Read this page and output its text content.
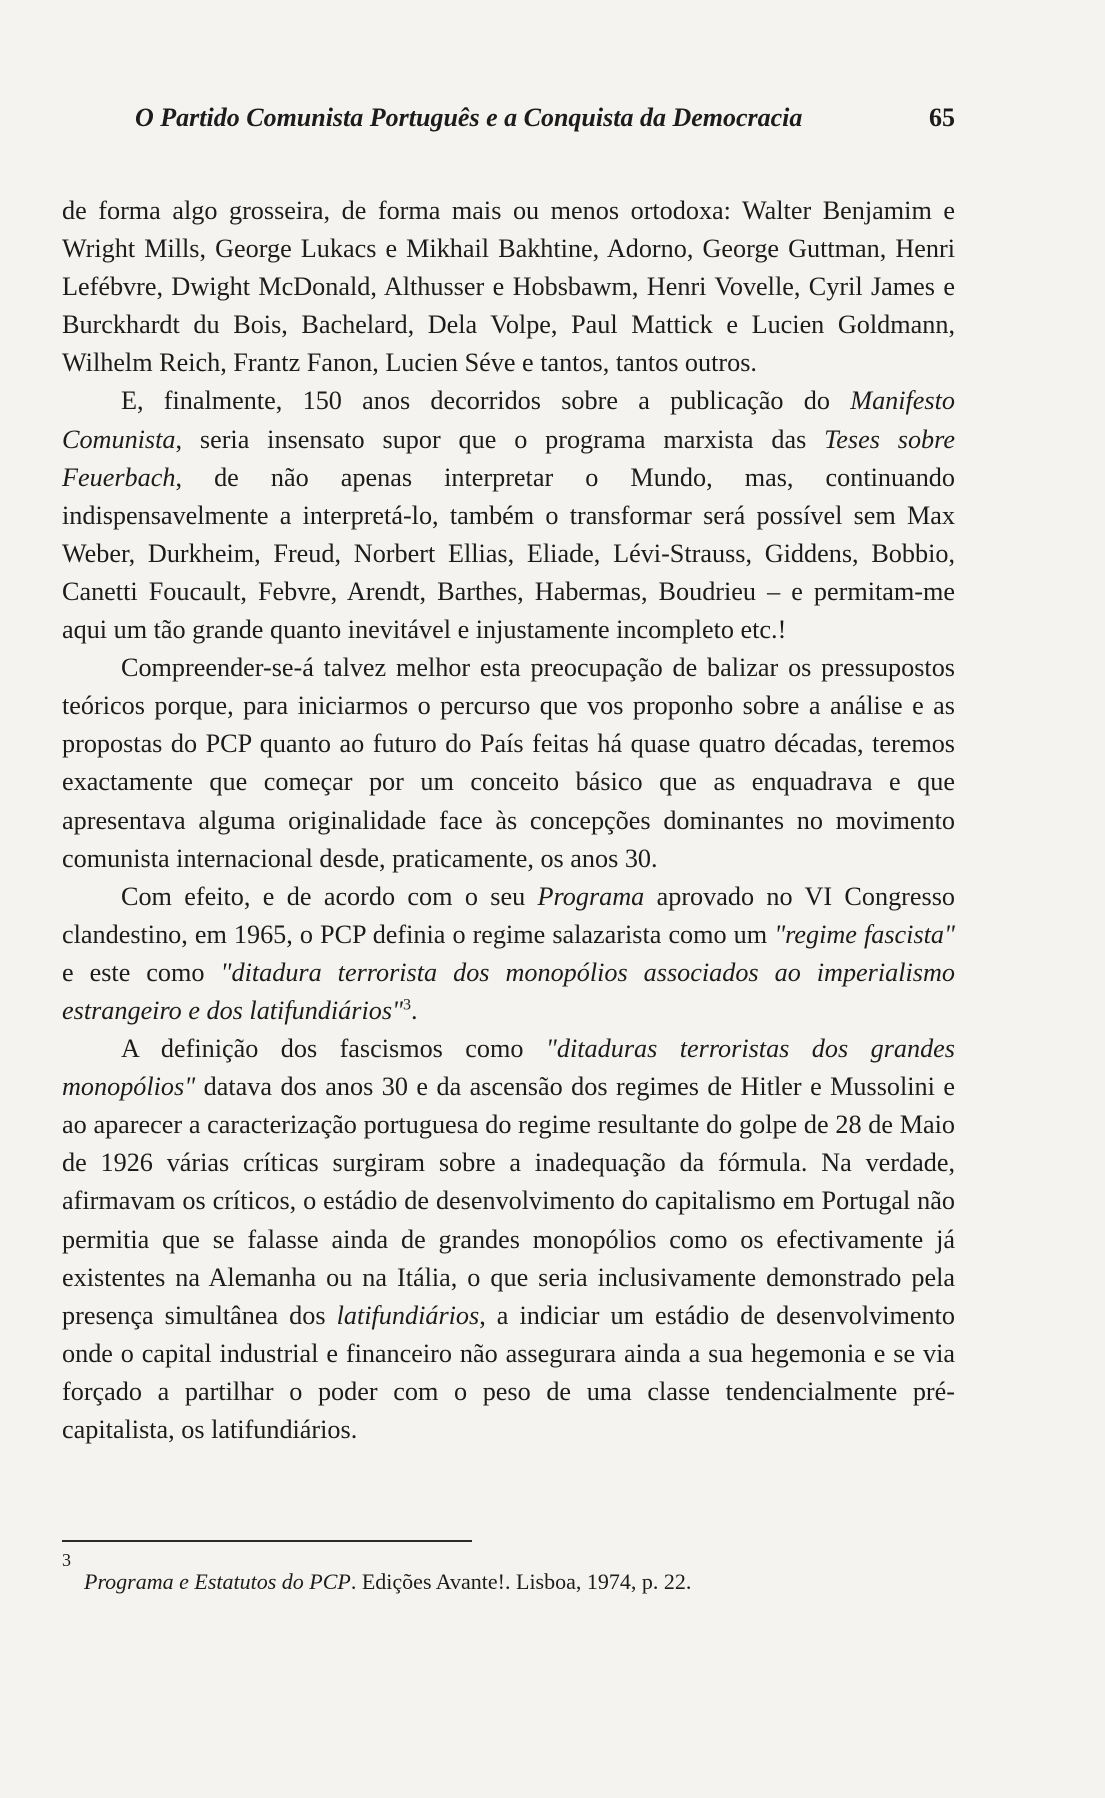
O Partido Comunista Português e a Conquista da Democracia	65

de forma algo grosseira, de forma mais ou menos ortodoxa: Walter Benjamim e Wright Mills, George Lukacs e Mikhail Bakhtine, Adorno, George Guttman, Henri Lefébvre, Dwight McDonald, Althusser e Hobsbawm, Henri Vovelle, Cyril James e Burckhardt du Bois, Bachelard, Dela Volpe, Paul Mattick e Lucien Goldmann, Wilhelm Reich, Frantz Fanon, Lucien Séve e tantos, tantos outros.

E, finalmente, 150 anos decorridos sobre a publicação do Manifesto Comunista, seria insensato supor que o programa marxista das Teses sobre Feuerbach, de não apenas interpretar o Mundo, mas, continuando indispensavelmente a interpretá-lo, também o transformar será possível sem Max Weber, Durkheim, Freud, Norbert Ellias, Eliade, Lévi-Strauss, Giddens, Bobbio, Canetti Foucault, Febvre, Arendt, Barthes, Habermas, Boudrieu – e permitam-me aqui um tão grande quanto inevitável e injustamente incompleto etc.!

Compreender-se-á talvez melhor esta preocupação de balizar os pressupostos teóricos porque, para iniciarmos o percurso que vos proponho sobre a análise e as propostas do PCP quanto ao futuro do País feitas há quase quatro décadas, teremos exactamente que começar por um conceito básico que as enquadrava e que apresentava alguma originalidade face às concepções dominantes no movimento comunista internacional desde, praticamente, os anos 30.

Com efeito, e de acordo com o seu Programa aprovado no VI Congresso clandestino, em 1965, o PCP definia o regime salazarista como um "regime fascista" e este como "ditadura terrorista dos monopólios associados ao imperialismo estrangeiro e dos latifundiários"$^3$.

A definição dos fascismos como "ditaduras terroristas dos grandes monopólios" datava dos anos 30 e da ascensão dos regimes de Hitler e Mussolini e ao aparecer a caracterização portuguesa do regime resultante do golpe de 28 de Maio de 1926 várias críticas surgiram sobre a inadequação da fórmula. Na verdade, afirmavam os críticos, o estádio de desenvolvimento do capitalismo em Portugal não permitia que se falasse ainda de grandes monopólios como os efectivamente já existentes na Alemanha ou na Itália, o que seria inclusivamente demonstrado pela presença simultânea dos latifundiários, a indiciar um estádio de desenvolvimento onde o capital industrial e financeiro não assegurara ainda a sua hegemonia e se via forçado a partilhar o poder com o peso de uma classe tendencialmente pré-capitalista, os latifundiários.

3
Programa e Estatutos do PCP. Edições Avante!. Lisboa, 1974, p. 22.
